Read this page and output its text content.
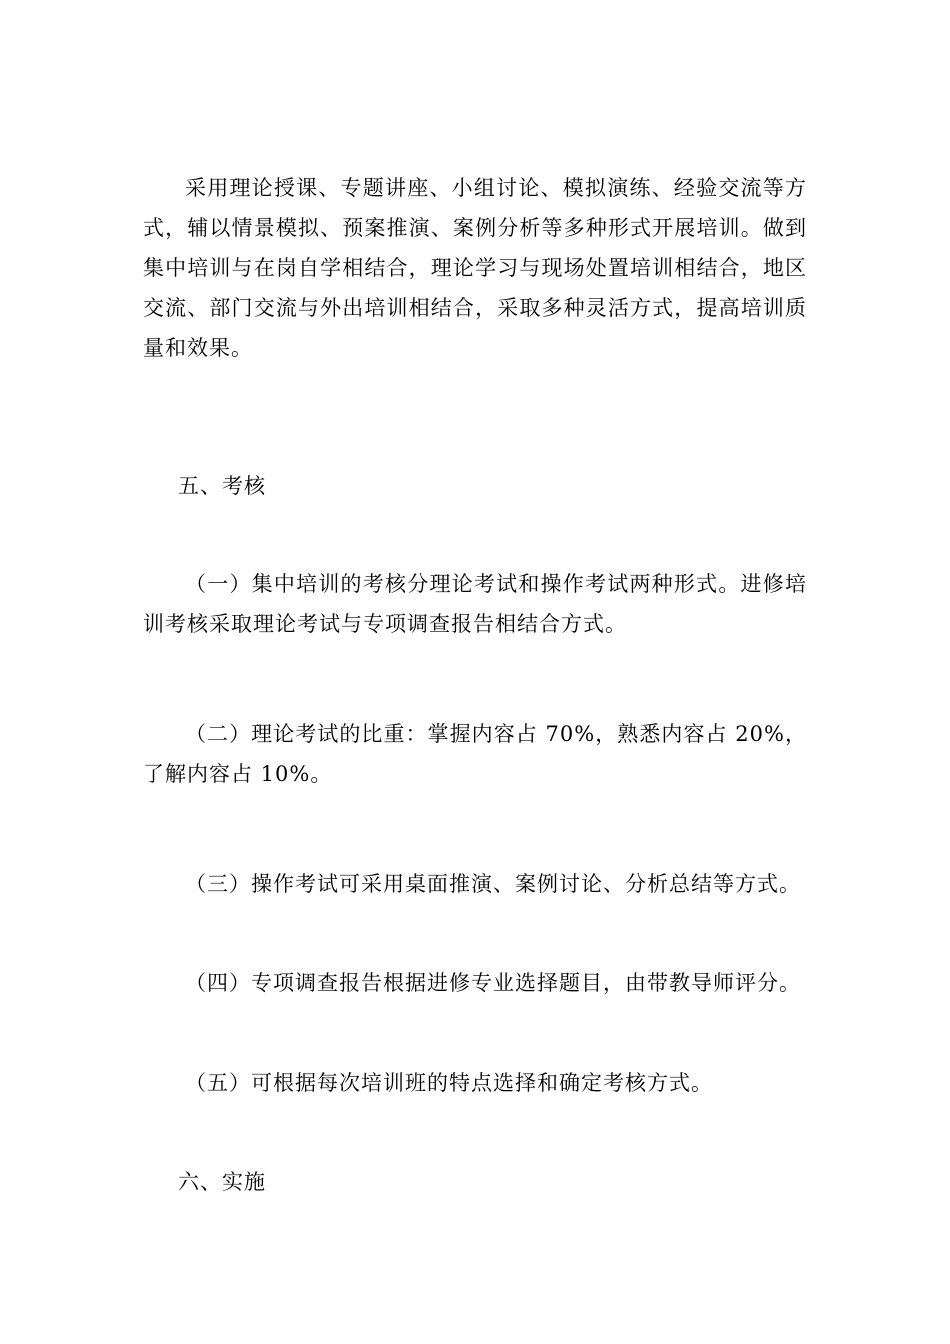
采用理论授课、专题讲座、小组讨论、模拟演练、经验交流等方式，辅以情景模拟、预案推演、案例分析等多种形式开展培训。做到集中培训与在岗自学相结合，理论学习与现场处置培训相结合，地区交流、部门交流与外出培训相结合，采取多种灵活方式，提高培训质量和效果。

五、考核

（一）集中培训的考核分理论考试和操作考试两种形式。进修培训考核采取理论考试与专项调查报告相结合方式。

（二）理论考试的比重：掌握内容占 70%，熟悉内容占 20%，了解内容占 10%。

（三）操作考试可采用桌面推演、案例讨论、分析总结等方式。

（四）专项调查报告根据进修专业选择题目，由带教导师评分。

（五）可根据每次培训班的特点选择和确定考核方式。

六、实施
